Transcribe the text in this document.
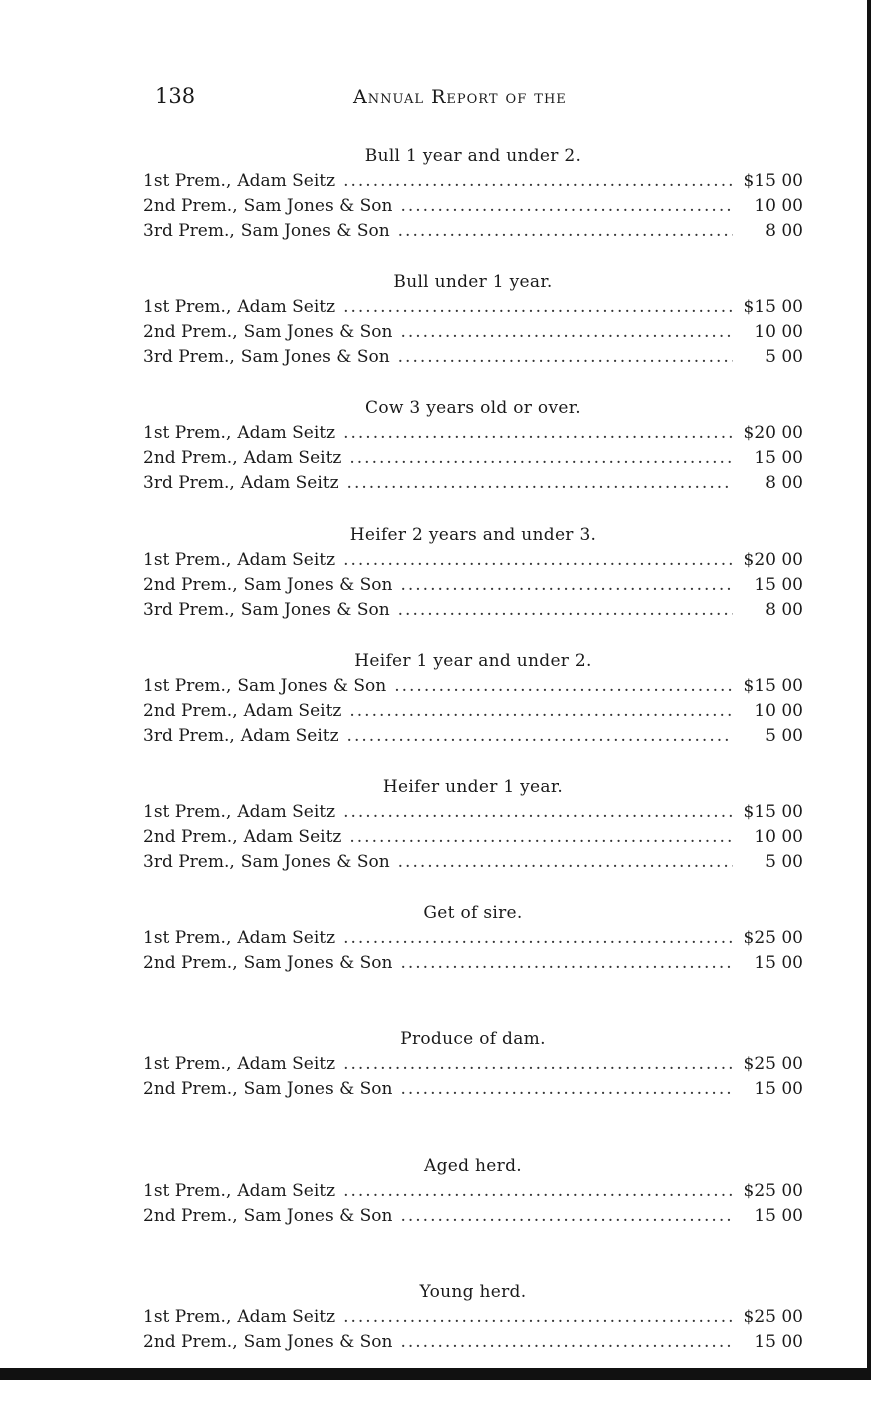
138	Annual Report of the
Bull 1 year and under 2.
1st Prem. , Adam Seitz .....	$15 00
2nd Prem. , Sam Jones & Son .....	10 00
3rd Prem. , Sam Jones & Son .....	8 00
Bull under 1 year.
1st Prem. , Adam Seitz .....	$15 00
2nd Prem. , Sam Jones & Son .....	10 00
3rd Prem. , Sam Jones & Son .....	5 00
Cow 3 years old or over.
1st Prem. , Adam Seitz .....	$20 00
2nd Prem. , Adam Seitz .....	15 00
3rd Prem. , Adam Seitz .....	8 00
Heifer 2 years and under 3.
1st Prem. , Adam Seitz .....	$20 00
2nd Prem. , Sam Jones & Son .....	15 00
3rd Prem. , Sam Jones & Son .....	8 00
Heifer 1 year and under 2.
1st Prem. , Sam Jones & Son .....	$15 00
2nd Prem. , Adam Seitz .....	10 00
3rd Prem. , Adam Seitz .....	5 00
Heifer under 1 year.
1st Prem. , Adam Seitz .....	$15 00
2nd Prem. , Adam Seitz .....	10 00
3rd Prem. , Sam Jones & Son .....	5 00
Get of sire.
1st Prem. , Adam Seitz .....	$25 00
2nd Prem. , Sam Jones & Son .....	15 00
Produce of dam.
1st Prem. , Adam Seitz .....	$25 00
2nd Prem. , Sam Jones & Son .....	15 00
Aged herd.
1st Prem. , Adam Seitz .....	$25 00
2nd Prem. , Sam Jones & Son .....	15 00
Young herd.
1st Prem. , Adam Seitz .....	$25 00
2nd Prem. , Sam Jones & Son .....	15 00
